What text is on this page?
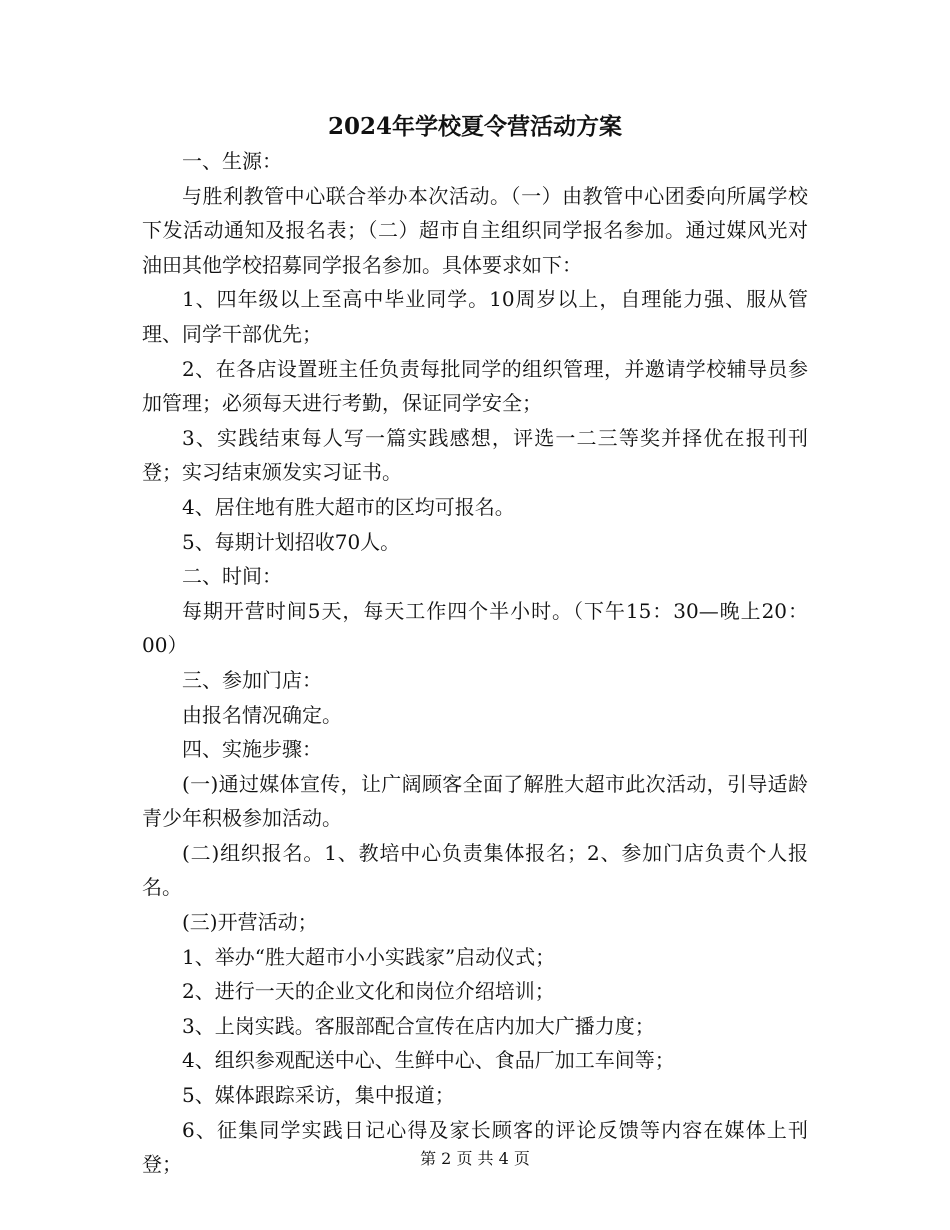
2024年学校夏令营活动方案

一、生源：

与胜利教管中心联合举办本次活动。（一）由教管中心团委向所属学校下发活动通知及报名表；（二）超市自主组织同学报名参加。通过媒风光对油田其他学校招募同学报名参加。具体要求如下：

1、四年级以上至高中毕业同学。10周岁以上，自理能力强、服从管理、同学干部优先；

2、在各店设置班主任负责每批同学的组织管理，并邀请学校辅导员参加管理；必须每天进行考勤，保证同学安全；

3、实践结束每人写一篇实践感想，评选一二三等奖并择优在报刊刊登；实习结束颁发实习证书。

4、居住地有胜大超市的区均可报名。

5、每期计划招收70人。

二、时间：

每期开营时间5天，每天工作四个半小时。（下午15：30—晚上20：00）

三、参加门店：

由报名情况确定。

四、实施步骤：

(一)通过媒体宣传，让广阔顾客全面了解胜大超市此次活动，引导适龄青少年积极参加活动。

(二)组织报名。1、教培中心负责集体报名；2、参加门店负责个人报名。

(三)开营活动；

1、举办“胜大超市小小实践家”启动仪式；

2、进行一天的企业文化和岗位介绍培训；

3、上岗实践。客服部配合宣传在店内加大广播力度；

4、组织参观配送中心、生鲜中心、食品厂加工车间等；

5、媒体跟踪采访，集中报道；

6、征集同学实践日记心得及家长顾客的评论反馈等内容在媒体上刊登；	第 2 页 共 4 页
